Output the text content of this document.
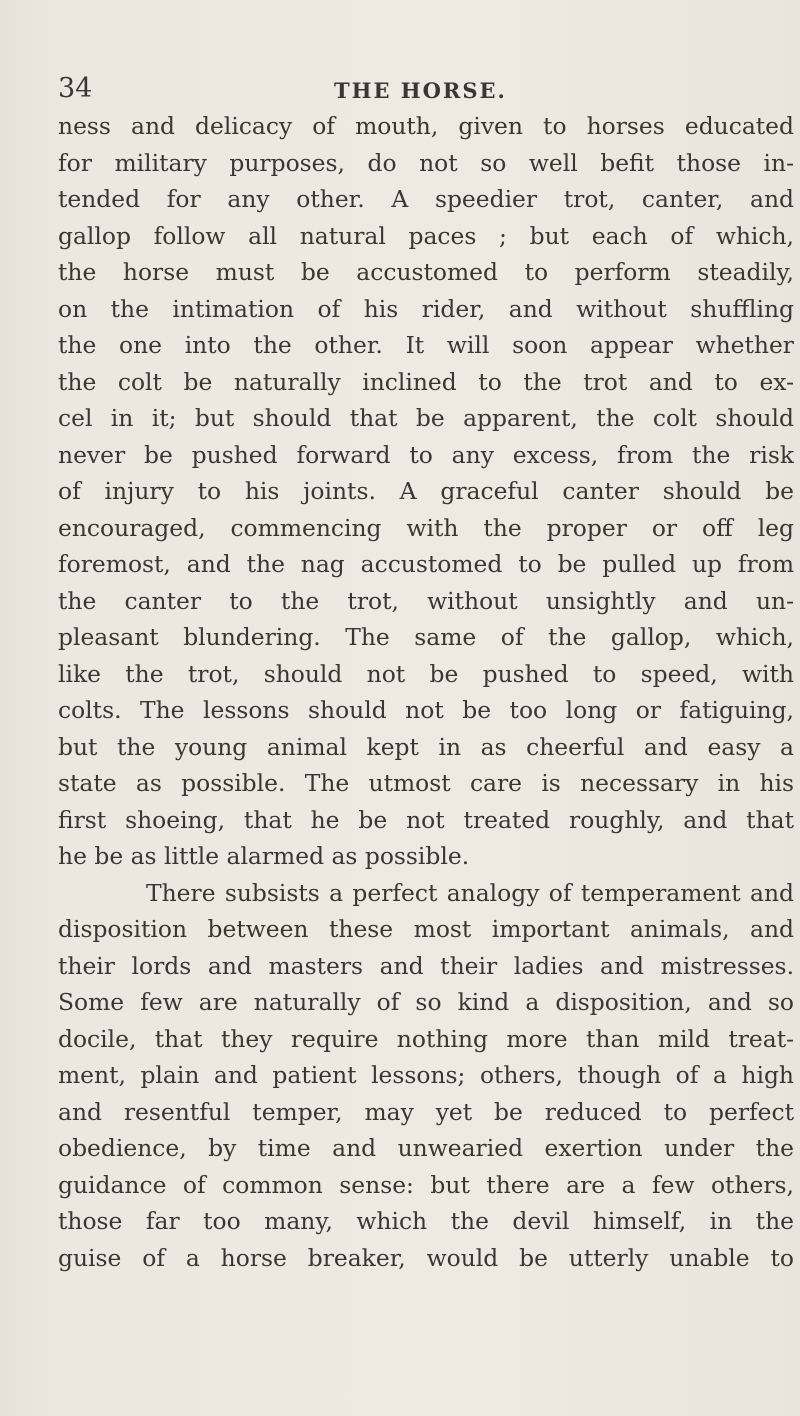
34	THE HORSE.
ness and delicacy of mouth, given to horses educated
for military purposes, do not so well befit those in-
tended for any other. A speedier trot, canter, and
gallop follow all natural paces ; but each of which,
the horse must be accustomed to perform steadily,
on the intimation of his rider, and without shuffling
the one into the other. It will soon appear whether
the colt be naturally inclined to the trot and to ex-
cel in it; but should that be apparent, the colt should
never be pushed forward to any excess, from the risk
of injury to his joints. A graceful canter should be
encouraged, commencing with the proper or off leg
foremost, and the nag accustomed to be pulled up from
the canter to the trot, without unsightly and un-
pleasant blundering. The same of the gallop, which,
like the trot, should not be pushed to speed, with
colts. The lessons should not be too long or fatiguing,
but the young animal kept in as cheerful and easy a
state as possible. The utmost care is necessary in his
first shoeing, that he be not treated roughly, and that
he be as little alarmed as possible.
There subsists a perfect analogy of temperament and
disposition between these most important animals, and
their lords and masters and their ladies and mistresses.
Some few are naturally of so kind a disposition, and so
docile, that they require nothing more than mild treat-
ment, plain and patient lessons; others, though of a high
and resentful temper, may yet be reduced to perfect
obedience, by time and unwearied exertion under the
guidance of common sense: but there are a few others,
those far too many, which the devil himself, in the
guise of a horse breaker, would be utterly unable to
